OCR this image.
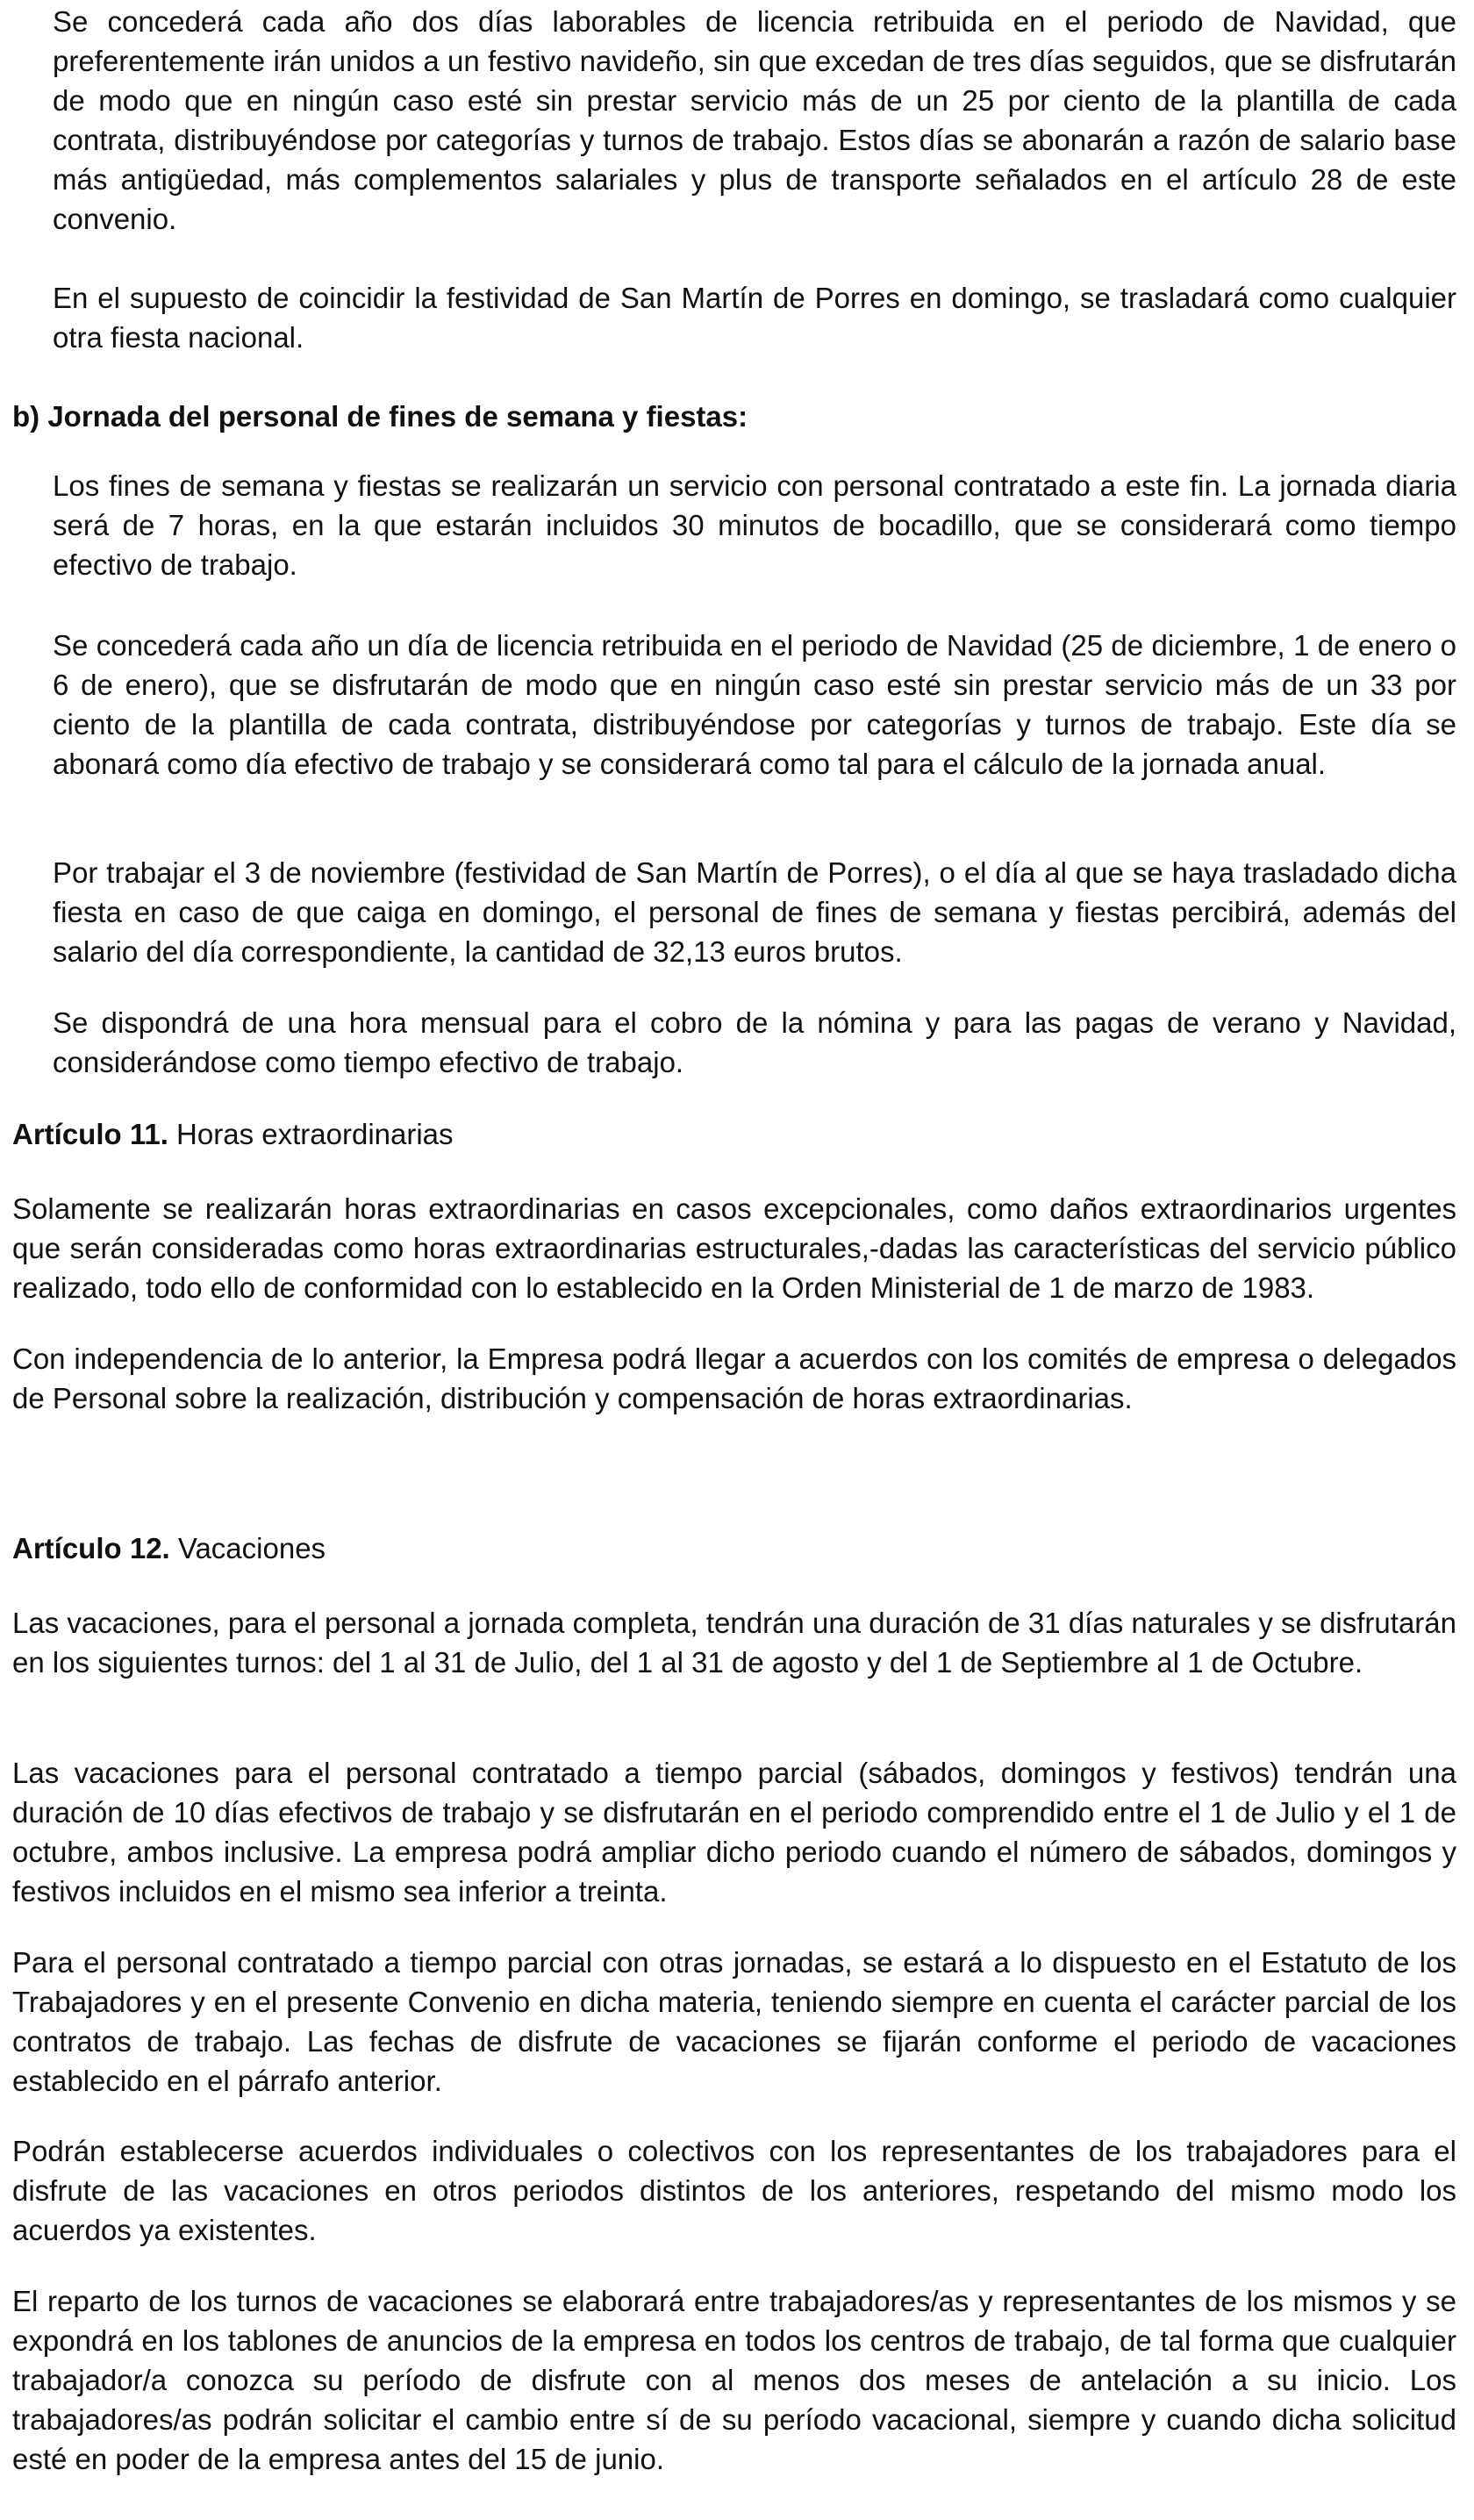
Se concederá cada año dos días laborables de licencia retribuida en el periodo de Navidad, que preferentemente irán unidos a un festivo navideño, sin que excedan de tres días seguidos, que se disfrutarán de modo que en ningún caso esté sin prestar servicio más de un 25 por ciento de la plantilla de cada contrata, distribuyéndose por categorías y turnos de trabajo. Estos días se abonarán a razón de salario base más antigüedad, más complementos salariales y plus de transporte señalados en el artículo 28 de este convenio.

En el supuesto de coincidir la festividad de San Martín de Porres en domingo, se trasladará como cualquier otra fiesta nacional.

b) Jornada del personal de fines de semana y fiestas:

Los fines de semana y fiestas se realizarán un servicio con personal contratado a este fin. La jornada diaria será de 7 horas, en la que estarán incluidos 30 minutos de bocadillo, que se considerará como tiempo efectivo de trabajo.

Se concederá cada año un día de licencia retribuida en el periodo de Navidad (25 de diciembre, 1 de enero o 6 de enero), que se disfrutarán de modo que en ningún caso esté sin prestar servicio más de un 33 por ciento de la plantilla de cada contrata, distribuyéndose por categorías y turnos de trabajo. Este día se abonará como día efectivo de trabajo y se considerará como tal para el cálculo de la jornada anual.

Por trabajar el 3 de noviembre (festividad de San Martín de Porres), o el día al que se haya trasladado dicha fiesta en caso de que caiga en domingo, el personal de fines de semana y fiestas percibirá, además del salario del día correspondiente, la cantidad de 32,13 euros brutos.

Se dispondrá de una hora mensual para el cobro de la nómina y para las pagas de verano y Navidad, considerándose como tiempo efectivo de trabajo.

Artículo 11. Horas extraordinarias

Solamente se realizarán horas extraordinarias en casos excepcionales, como daños extraordinarios urgentes que serán consideradas como horas extraordinarias estructurales,-dadas las características del servicio público realizado, todo ello de conformidad con lo establecido en la Orden Ministerial de 1 de marzo de 1983.

Con independencia de lo anterior, la Empresa podrá llegar a acuerdos con los comités de empresa o delegados de Personal sobre la realización, distribución y compensación de horas extraordinarias.

Artículo 12. Vacaciones

Las vacaciones, para el personal a jornada completa, tendrán una duración de 31 días naturales y se disfrutarán en los siguientes turnos: del 1 al 31 de Julio, del 1 al 31 de agosto y del 1 de Septiembre al 1 de Octubre.

Las vacaciones para el personal contratado a tiempo parcial (sábados, domingos y festivos) tendrán una duración de 10 días efectivos de trabajo y se disfrutarán en el periodo comprendido entre el 1 de Julio y el 1 de octubre, ambos inclusive. La empresa podrá ampliar dicho periodo cuando el número de sábados, domingos y festivos incluidos en el mismo sea inferior a treinta.

Para el personal contratado a tiempo parcial con otras jornadas, se estará a lo dispuesto en el Estatuto de los Trabajadores y en el presente Convenio en dicha materia, teniendo siempre en cuenta el carácter parcial de los contratos de trabajo. Las fechas de disfrute de vacaciones se fijarán conforme el periodo de vacaciones establecido en el párrafo anterior.

Podrán establecerse acuerdos individuales o colectivos con los representantes de los trabajadores para el disfrute de las vacaciones en otros periodos distintos de los anteriores, respetando del mismo modo los acuerdos ya existentes.

El reparto de los turnos de vacaciones se elaborará entre trabajadores/as y representantes de los mismos y se expondrá en los tablones de anuncios de la empresa en todos los centros de trabajo, de tal forma que cualquier trabajador/a conozca su período de disfrute con al menos dos meses de antelación a su inicio. Los trabajadores/as podrán solicitar el cambio entre sí de su período vacacional, siempre y cuando dicha solicitud esté en poder de la empresa antes del 15 de junio.
